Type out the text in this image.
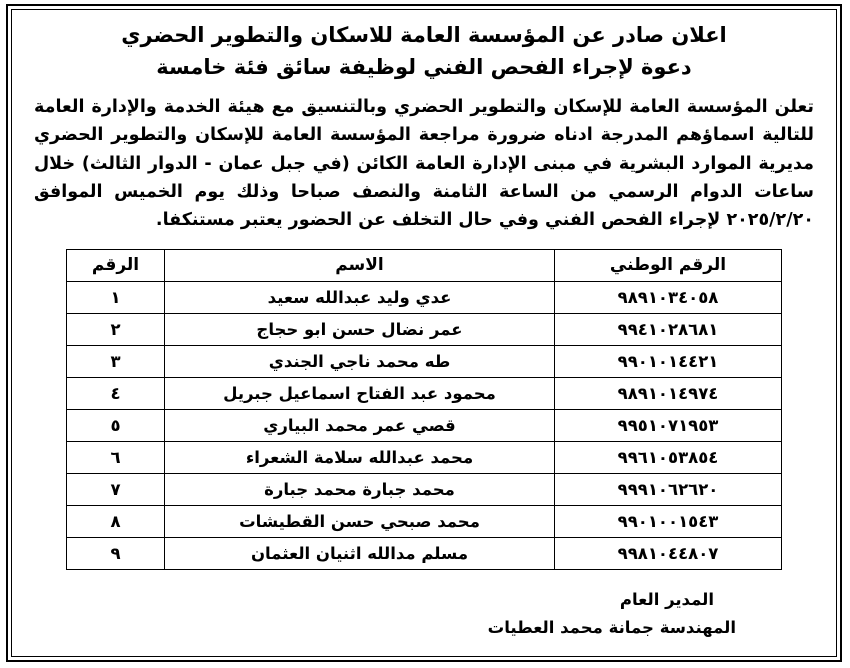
اعلان صادر عن المؤسسة العامة للاسكان والتطوير الحضري
دعوة لإجراء الفحص الفني لوظيفة سائق فئة خامسة

تعلن المؤسسة العامة للإسكان والتطوير الحضري وبالتنسيق مع هيئة الخدمة والإدارة العامة للتالية اسماؤهم المدرجة ادناه ضرورة مراجعة المؤسسة العامة للإسكان والتطوير الحضري مديرية الموارد البشرية في مبنى الإدارة العامة الكائن (في جبل عمان - الدوار الثالث) خلال ساعات الدوام الرسمي من الساعة الثامنة والنصف صباحا وذلك يوم الخميس الموافق ٢٠٢٥/٢/٢٠ لإجراء الفحص الفني وفي حال التخلف عن الحضور يعتبر مستنكفا.

الرقم الوطني	الاسم	الرقم
٩٨٩١٠٣٤٠٥٨	عدي وليد عبدالله سعيد	١
٩٩٤١٠٢٨٦٨١	عمر نضال حسن ابو حجاج	٢
٩٩٠١٠١٤٤٢١	طه محمد ناجي الجندي	٣
٩٨٩١٠١٤٩٧٤	محمود عبد الفتاح اسماعيل جبريل	٤
٩٩٥١٠٧١٩٥٣	قصي عمر محمد البياري	٥
٩٩٦١٠٥٣٨٥٤	محمد عبدالله سلامة الشعراء	٦
٩٩٩١٠٦٢٦٢٠	محمد جبارة محمد جبارة	٧
٩٩٠١٠٠١٥٤٣	محمد صبحي حسن القطيشات	٨
٩٩٨١٠٤٤٨٠٧	مسلم مدالله اثنيان العثمان	٩
المدير العام
المهندسة جمانة محمد العطيات
